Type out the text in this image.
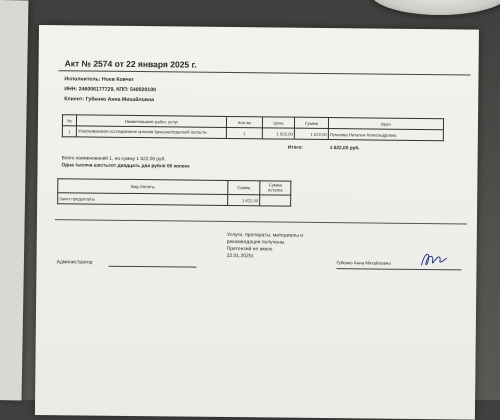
Акт № 2574 от 22 января 2025 г.
Исполнитель: Ноев Ковчег
ИНН: 246006177729, КПП: 540020100
Клиент: Губенко Анна Михайловна
№	Наименование работ, услуг	Кол-во	Цена	Сумма	Врач
1	Ультразвуковое исследование органов брюшно/отделной полости	1	1 622,00	1 622,00	Луганова Наталья Александровна
Итого:	1 622,00 руб.
Всего наименований 1, на сумму 1 622,00 руб.
Одна тысяча шестьсот двадцать два рубля 00 копеек
Вид Оплаты	Сумма	Сумма остатка
Зачет предоплаты	1 622,00	
Услуги, препараты, материалы и
рекомендации получены.
Претензий не имею
22.01.2025г.
Администратор	Губенко Анна Михайловна
